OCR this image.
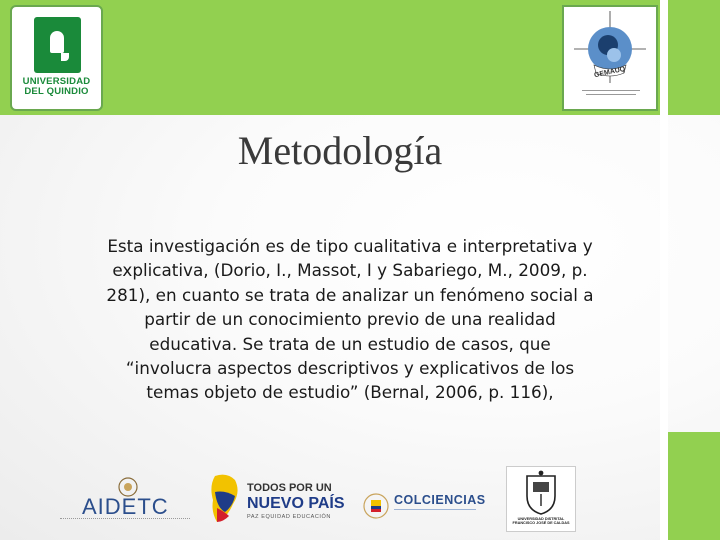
UNIVERSIDAD
DEL QUINDIO
GEMAUQ
Metodología
Esta investigación es de tipo cualitativa e interpretativa y
explicativa, (Dorio, I., Massot, I y Sabariego, M., 2009, p.
281), en cuanto se trata de analizar un fenómeno social a
partir de un conocimiento previo de una realidad
educativa. Se trata de un estudio de casos, que
“involucra aspectos descriptivos y explicativos de los
temas objeto de estudio” (Bernal, 2006, p. 116),
AIDETC
TODOS POR UN
NUEVO PAÍS
PAZ EQUIDAD EDUCACIÓN
COLCIENCIAS
UNIVERSIDAD DISTRITAL
FRANCISCO JOSÉ DE CALDAS
